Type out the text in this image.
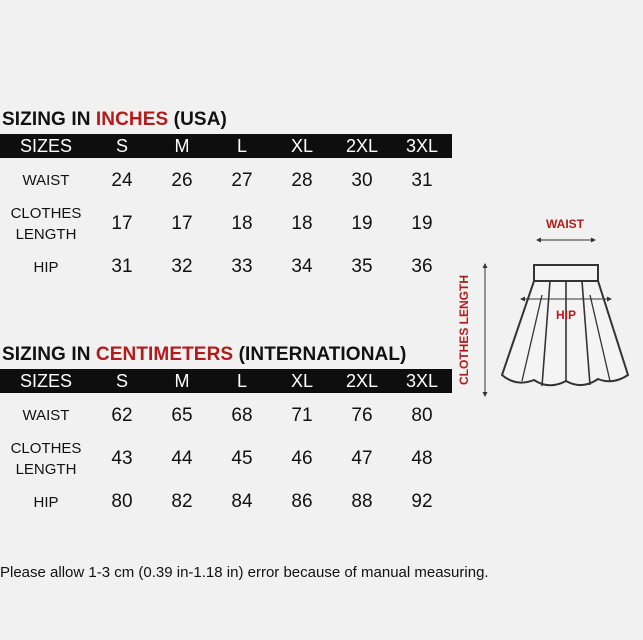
SIZING IN INCHES (USA)
SIZES	S	M	L	XL	2XL	3XL
WAIST	24	26	27	28	30	31
CLOTHES
LENGTH	17	17	18	18	19	19
HIP	31	32	33	34	35	36
SIZING IN CENTIMETERS (INTERNATIONAL)
SIZES	S	M	L	XL	2XL	3XL
WAIST	62	65	68	71	76	80
CLOTHES
LENGTH	43	44	45	46	47	48
HIP	80	82	84	86	88	92
WAIST
CLOTHES LENGTH	HIP
Please allow 1-3 cm (0.39 in-1.18 in) error because of manual measuring.
